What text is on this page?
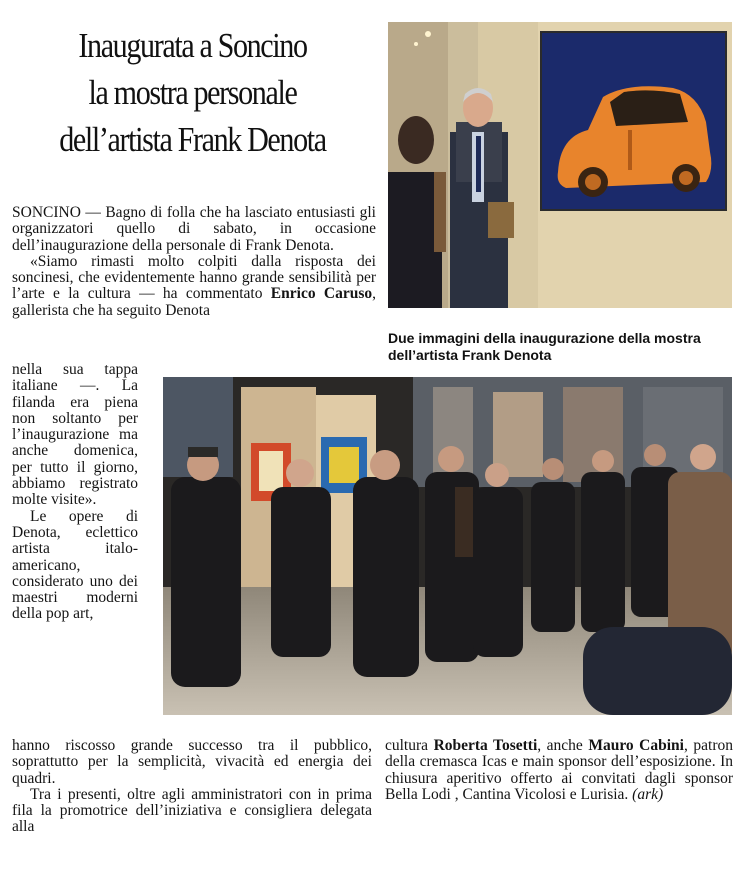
Inaugurata a Soncino
la mostra personale
dell’artista Frank Denota
Due immagini della inaugurazione della mostra dell’artista Frank Denota

SONCINO — Bagno di folla che ha lasciato entusiasti gli organizzatori quello di sabato, in occasione dell’inaugurazione della personale di Frank Denota.

«Siamo rimasti molto colpiti dalla risposta dei soncinesi, che evidentemente hanno grande sensibilità per l’arte e la cultura — ha commentato Enrico Caruso, gallerista che ha seguito Denota

nella sua tappa italiane —. La filanda era piena non soltanto per l’inaugurazione ma anche domenica, per tutto il giorno, abbiamo registrato molte visite».

Le opere di Denota, eclettico artista italo-americano, considerato uno dei maestri moderni della pop art,

hanno riscosso grande successo tra il pubblico, soprattutto per la semplicità, vivacità ed energia dei quadri.

Tra i presenti, oltre agli amministratori con in prima fila la promotrice dell’iniziativa e consigliera delegata alla

cultura Roberta Tosetti, anche Mauro Cabini, patron della cremasca Icas e main sponsor dell’esposizione. In chiusura aperitivo offerto ai convitati dagli sponsor Bella Lodi , Cantina Vicolosi e Lurisia. (ark)
